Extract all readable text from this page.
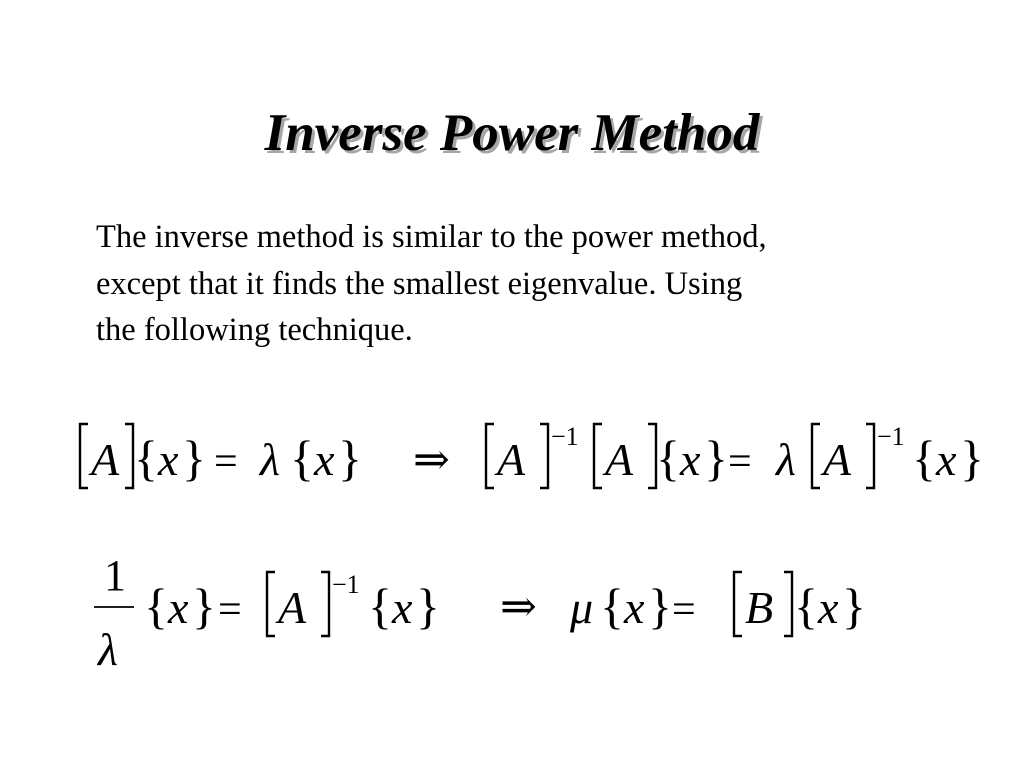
Inverse Power Method
The inverse method is similar to the power method,
except that it finds the smallest eigenvalue. Using
the following technique.
A { x } = λ { x } ⇒ A −1 A { x } = λ A −1 { x }
1
λ
{ x } = A −1 { x } ⇒ μ { x } = B { x }
